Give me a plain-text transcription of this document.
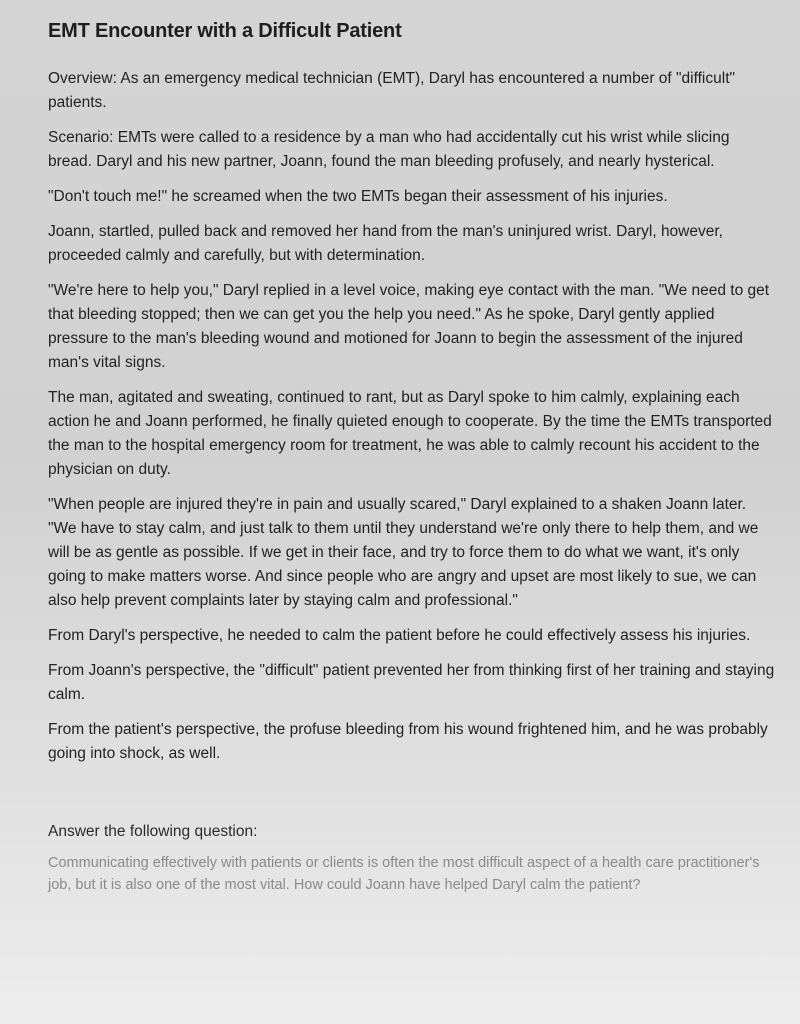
EMT Encounter with a Difficult Patient

Overview: As an emergency medical technician (EMT), Daryl has encountered a number of "difficult" patients.

Scenario: EMTs were called to a residence by a man who had accidentally cut his wrist while slicing bread. Daryl and his new partner, Joann, found the man bleeding profusely, and nearly hysterical.

"Don't touch me!" he screamed when the two EMTs began their assessment of his injuries.

Joann, startled, pulled back and removed her hand from the man's uninjured wrist. Daryl, however, proceeded calmly and carefully, but with determination.

"We're here to help you," Daryl replied in a level voice, making eye contact with the man. "We need to get that bleeding stopped; then we can get you the help you need." As he spoke, Daryl gently applied pressure to the man's bleeding wound and motioned for Joann to begin the assessment of the injured man's vital signs.

The man, agitated and sweating, continued to rant, but as Daryl spoke to him calmly, explaining each action he and Joann performed, he finally quieted enough to cooperate. By the time the EMTs transported the man to the hospital emergency room for treatment, he was able to calmly recount his accident to the physician on duty.

"When people are injured they're in pain and usually scared," Daryl explained to a shaken Joann later. "We have to stay calm, and just talk to them until they understand we're only there to help them, and we will be as gentle as possible. If we get in their face, and try to force them to do what we want, it's only going to make matters worse. And since people who are angry and upset are most likely to sue, we can also help prevent complaints later by staying calm and professional."

From Daryl's perspective, he needed to calm the patient before he could effectively assess his injuries.

From Joann's perspective, the "difficult" patient prevented her from thinking first of her training and staying calm.

From the patient's perspective, the profuse bleeding from his wound frightened him, and he was probably going into shock, as well.

Answer the following question:

Communicating effectively with patients or clients is often the most difficult aspect of a health care practitioner's job, but it is also one of the most vital. How could Joann have helped Daryl calm the patient?
